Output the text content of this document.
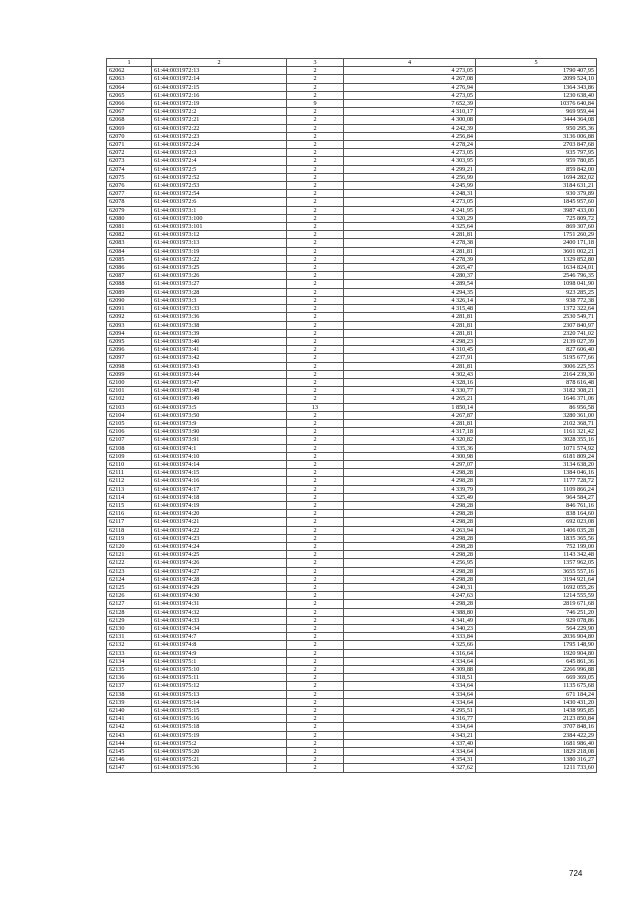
1	2	3	4	5
62062	61:44:0031972:13	2	4 273,05	1790 407,95
62063	61:44:0031972:14	2	4 267,08	2099 524,10
62064	61:44:0031972:15	2	4 276,94	1364 343,86
62065	61:44:0031972:16	2	4 273,05	1230 638,40
62066	61:44:0031972:19	9	7 652,39	10376 640,84
62067	61:44:0031972:2	2	4 310,17	969 959,44
62068	61:44:0031972:21	2	4 300,08	3444 364,08
62069	61:44:0031972:22	2	4 242,39	950 295,36
62070	61:44:0031972:23	2	4 256,84	3136 006,88
62071	61:44:0031972:24	2	4 278,24	2703 847,68
62072	61:44:0031972:3	2	4 273,05	935 797,95
62073	61:44:0031972:4	2	4 303,95	959 780,85
62074	61:44:0031972:5	2	4 299,21	859 842,00
62075	61:44:0031972:52	2	4 256,99	1694 282,02
62076	61:44:0031972:53	2	4 245,99	3184 631,21
62077	61:44:0031972:54	2	4 248,31	930 379,89
62078	61:44:0031972:6	2	4 273,05	1845 957,60
62079	61:44:0031973:1	2	4 241,95	3987 433,00
62080	61:44:0031973:100	2	4 320,29	725 809,72
62081	61:44:0031973:101	2	4 325,64	869 307,60
62082	61:44:0031973:12	2	4 281,81	1751 260,29
62083	61:44:0031973:13	2	4 278,38	2400 171,18
62084	61:44:0031973:19	2	4 281,81	3601 002,21
62085	61:44:0031973:22	2	4 278,39	1329 852,80
62086	61:44:0031973:25	2	4 265,47	1634 824,01
62087	61:44:0031973:26	2	4 280,37	2546 796,35
62088	61:44:0031973:27	2	4 289,54	1098 041,90
62089	61:44:0031973:28	2	4 294,35	923 285,25
62090	61:44:0031973:3	2	4 326,14	938 772,38
62091	61:44:0031973:33	2	4 315,48	1372 322,64
62092	61:44:0031973:36	2	4 281,81	2530 549,71
62093	61:44:0031973:38	2	4 281,81	2307 840,97
62094	61:44:0031973:39	2	4 281,81	2320 741,02
62095	61:44:0031973:40	2	4 298,23	2139 027,39
62096	61:44:0031973:41	2	4 310,45	827 606,40
62097	61:44:0031973:42	2	4 237,91	5195 677,66
62098	61:44:0031973:43	2	4 281,81	3006 225,55
62099	61:44:0031973:44	2	4 302,43	2164 239,30
62100	61:44:0031973:47	2	4 328,16	878 616,48
62101	61:44:0031973:48	2	4 330,77	3182 308,21
62102	61:44:0031973:49	2	4 265,21	1646 371,06
62103	61:44:0031973:5	13	1 850,14	86 956,58
62104	61:44:0031973:50	2	4 267,87	3280 361,00
62105	61:44:0031973:9	2	4 281,81	2102 368,71
62106	61:44:0031973:90	2	4 317,18	1161 321,42
62107	61:44:0031973:91	2	4 320,82	3028 355,16
62108	61:44:0031974:1	2	4 335,36	1071 574,92
62109	61:44:0031974:10	2	4 300,98	6181 809,24
62110	61:44:0031974:14	2	4 297,07	3134 638,20
62111	61:44:0031974:15	2	4 298,28	1384 046,16
62112	61:44:0031974:16	2	4 298,28	1177 728,72
62113	61:44:0031974:17	2	4 339,79	1109 866,24
62114	61:44:0031974:18	2	4 325,49	964 584,27
62115	61:44:0031974:19	2	4 298,28	846 761,16
62116	61:44:0031974:20	2	4 298,28	838 164,60
62117	61:44:0031974:21	2	4 298,28	692 023,08
62118	61:44:0031974:22	2	4 263,94	1406 035,28
62119	61:44:0031974:23	2	4 298,28	1835 365,56
62120	61:44:0031974:24	2	4 298,28	752 199,00
62121	61:44:0031974:25	2	4 298,28	1143 342,48
62122	61:44:0031974:26	2	4 256,95	1357 962,05
62123	61:44:0031974:27	2	4 298,28	3655 557,16
62124	61:44:0031974:28	2	4 298,28	3194 921,64
62125	61:44:0031974:29	2	4 240,31	1692 055,26
62126	61:44:0031974:30	2	4 247,63	1214 555,59
62127	61:44:0031974:31	2	4 298,28	2819 671,68
62128	61:44:0031974:32	2	4 388,80	746 251,20
62129	61:44:0031974:33	2	4 341,49	929 078,86
62130	61:44:0031974:34	2	4 340,23	564 229,90
62131	61:44:0031974:7	2	4 333,84	2036 904,80
62132	61:44:0031974:8	2	4 325,66	1795 148,90
62133	61:44:0031974:9	2	4 316,64	1920 904,80
62134	61:44:0031975:1	2	4 334,64	645 861,36
62135	61:44:0031975:10	2	4 309,88	2266 996,88
62136	61:44:0031975:11	2	4 318,51	669 369,05
62137	61:44:0031975:12	2	4 334,64	1135 675,68
62138	61:44:0031975:13	2	4 334,64	671 184,24
62139	61:44:0031975:14	2	4 334,64	1430 431,20
62140	61:44:0031975:15	2	4 295,51	1438 995,85
62141	61:44:0031975:16	2	4 316,77	2123 850,84
62142	61:44:0031975:18	2	4 334,64	3707 848,16
62143	61:44:0031975:19	2	4 343,21	2384 422,29
62144	61:44:0031975:2	2	4 337,40	1681 986,40
62145	61:44:0031975:20	2	4 334,64	1829 218,08
62146	61:44:0031975:21	2	4 354,31	1380 316,27
62147	61:44:0031975:36	2	4 327,62	1211 733,60
724
